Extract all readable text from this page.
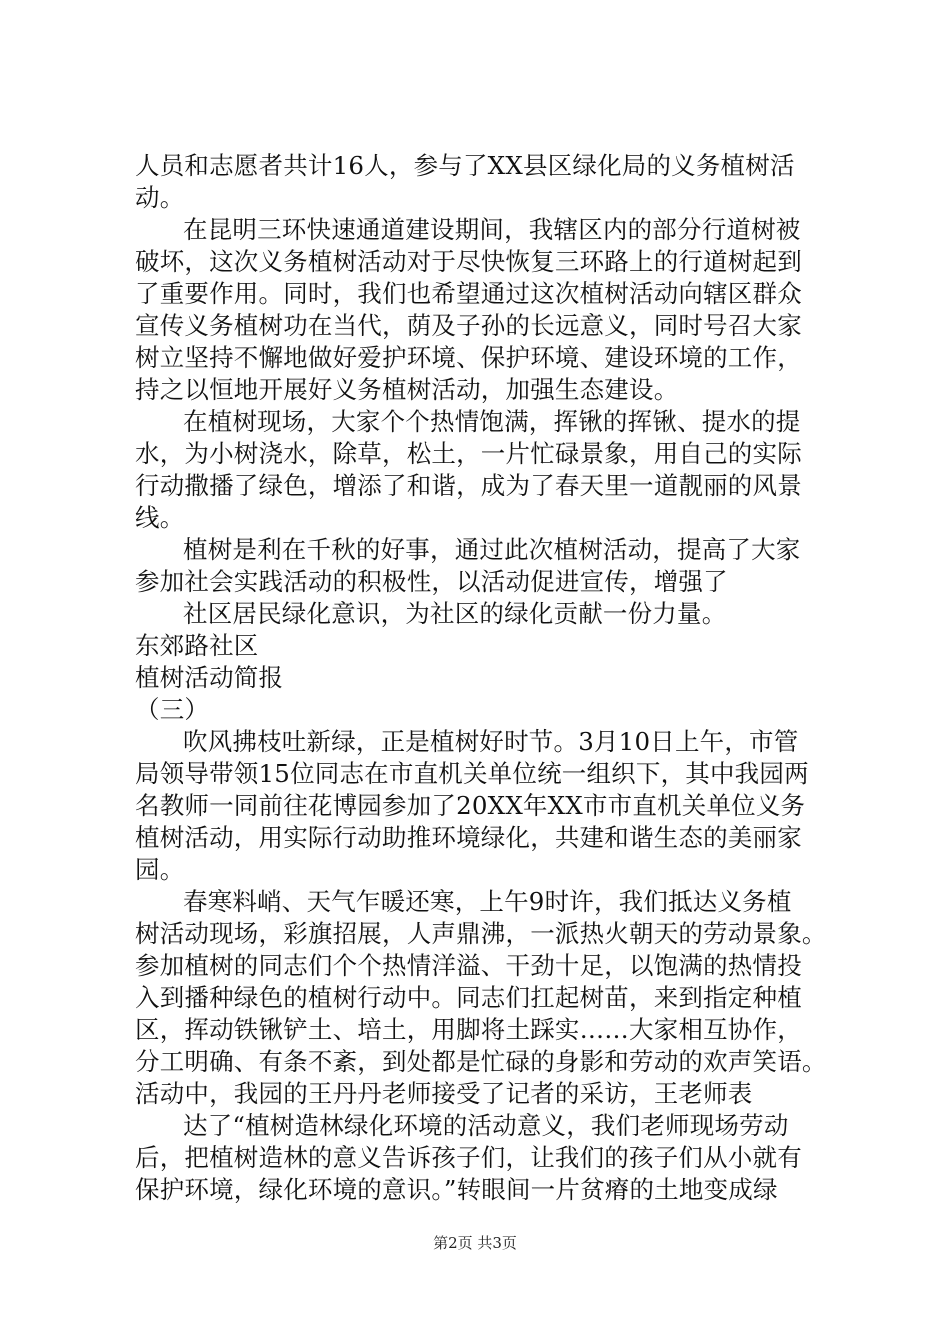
人员和志愿者共计16人，参与了XX县区绿化局的义务植树活
动。
在昆明三环快速通道建设期间，我辖区内的部分行道树被
破坏，这次义务植树活动对于尽快恢复三环路上的行道树起到
了重要作用。同时，我们也希望通过这次植树活动向辖区群众
宣传义务植树功在当代，荫及子孙的长远意义，同时号召大家
树立坚持不懈地做好爱护环境、保护环境、建设环境的工作，
持之以恒地开展好义务植树活动，加强生态建设。
在植树现场，大家个个热情饱满，挥锹的挥锹、提水的提
水，为小树浇水，除草，松土，一片忙碌景象，用自己的实际
行动撒播了绿色，增添了和谐，成为了春天里一道靓丽的风景
线。
植树是利在千秋的好事，通过此次植树活动，提高了大家
参加社会实践活动的积极性，以活动促进宣传，增强了
社区居民绿化意识，为社区的绿化贡献一份力量。
东郊路社区
植树活动简报
（三）
吹风拂枝吐新绿，正是植树好时节。3月10日上午，市管
局领导带领15位同志在市直机关单位统一组织下，其中我园两
名教师一同前往花博园参加了20XX年XX市市直机关单位义务
植树活动，用实际行动助推环境绿化，共建和谐生态的美丽家
园。
春寒料峭、天气乍暖还寒，上午9时许，我们抵达义务植
树活动现场，彩旗招展，人声鼎沸，一派热火朝天的劳动景象。
参加植树的同志们个个热情洋溢、干劲十足，以饱满的热情投
入到播种绿色的植树行动中。同志们扛起树苗，来到指定种植
区，挥动铁锹铲土、培土，用脚将土踩实……大家相互协作，
分工明确、有条不紊，到处都是忙碌的身影和劳动的欢声笑语。
活动中，我园的王丹丹老师接受了记者的采访，王老师表
达了“植树造林绿化环境的活动意义，我们老师现场劳动
后，把植树造林的意义告诉孩子们，让我们的孩子们从小就有
保护环境，绿化环境的意识。”转眼间一片贫瘠的土地变成绿
第2页 共3页
